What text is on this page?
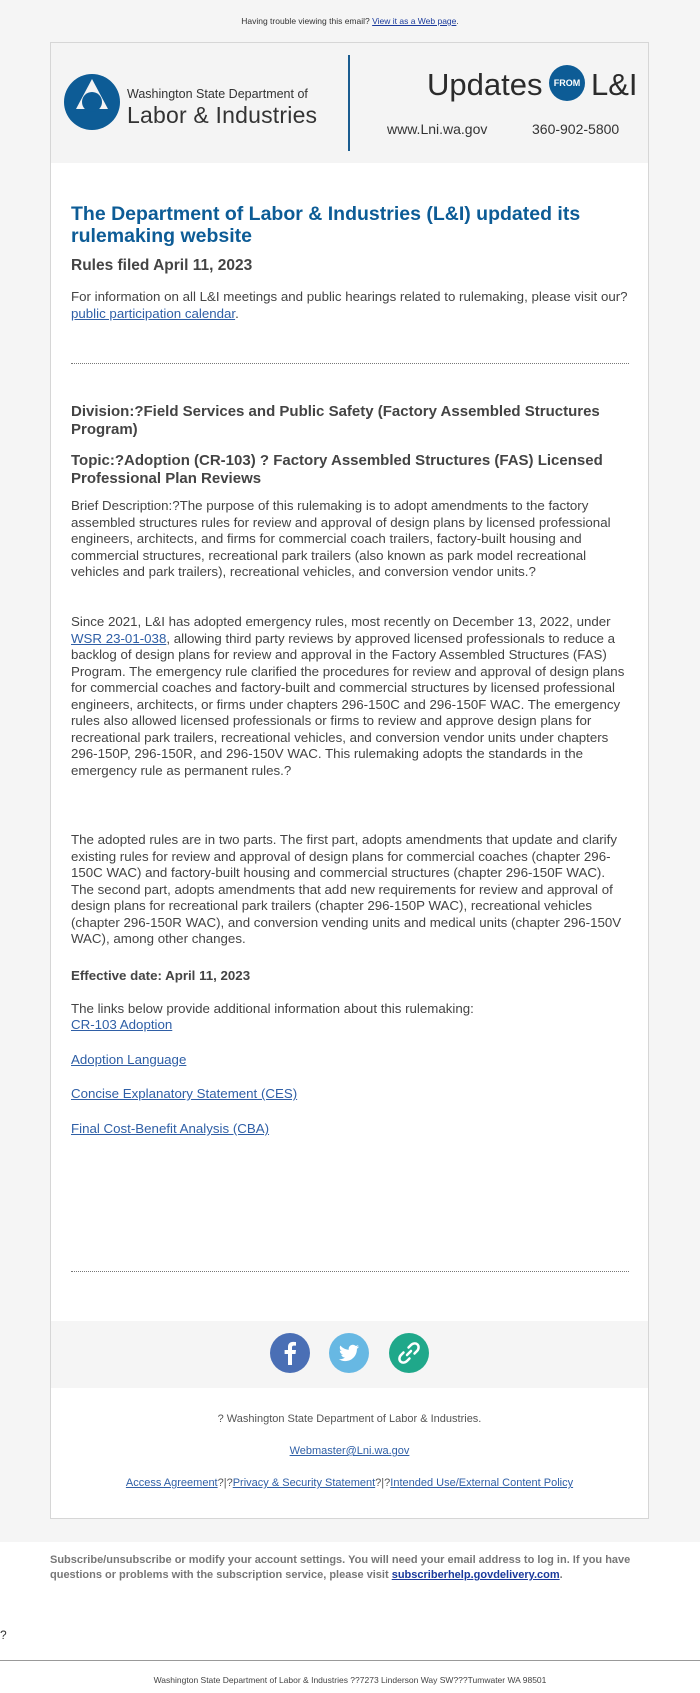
Having trouble viewing this email? View it as a Web page.
Washington State Department of
Labor & Industries
Updates	FROM L&I
www.Lni.wa.gov	360-902-5800
The Department of Labor & Industries (L&I) updated its rulemaking website
Rules filed April 11, 2023

For information on all L&I meetings and public hearings related to rulemaking, please visit our?public participation calendar.

Division:?Field Services and Public Safety (Factory Assembled Structures Program)
Topic:?Adoption (CR-103) ? Factory Assembled Structures (FAS) Licensed Professional Plan Reviews

Brief Description:?The purpose of this rulemaking is to adopt amendments to the factory assembled structures rules for review and approval of design plans by licensed professional engineers, architects, and firms for commercial coach trailers, factory-built housing and commercial structures, recreational park trailers (also known as park model recreational vehicles and park trailers), recreational vehicles, and conversion vendor units.?

Since 2021, L&I has adopted emergency rules, most recently on December 13, 2022, under WSR 23-01-038, allowing third party reviews by approved licensed professionals to reduce a backlog of design plans for review and approval in the Factory Assembled Structures (FAS) Program. The emergency rule clarified the procedures for review and approval of design plans for commercial coaches and factory-built and commercial structures by licensed professional engineers, architects, or firms under chapters 296-150C and 296-150F WAC. The emergency rules also allowed licensed professionals or firms to review and approve design plans for recreational park trailers, recreational vehicles, and conversion vendor units under chapters 296-150P, 296-150R, and 296-150V WAC. This rulemaking adopts the standards in the emergency rule as permanent rules.?

The adopted rules are in two parts. The first part, adopts amendments that update and clarify existing rules for review and approval of design plans for commercial coaches (chapter 296-150C WAC) and factory-built housing and commercial structures (chapter 296-150F WAC). The second part, adopts amendments that add new requirements for review and approval of design plans for recreational park trailers (chapter 296-150P WAC), recreational vehicles (chapter 296-150R WAC), and conversion vending units and medical units (chapter 296-150V WAC), among other changes.

Effective date: April 11, 2023

The links below provide additional information about this rulemaking:

CR-103 Adoption

Adoption Language

Concise Explanatory Statement (CES)

Final Cost-Benefit Analysis (CBA)

? Washington State Department of Labor & Industries.
Webmaster@Lni.wa.gov
Access Agreement?|?Privacy & Security Statement?|?Intended Use/External Content Policy
Subscribe/unsubscribe or modify your account settings. You will need your email address to log in. If you have questions or problems with the subscription service, please visit subscriberhelp.govdelivery.com.
?
Washington State Department of Labor & Industries ??7273 Linderson Way SW???Tumwater WA 98501
